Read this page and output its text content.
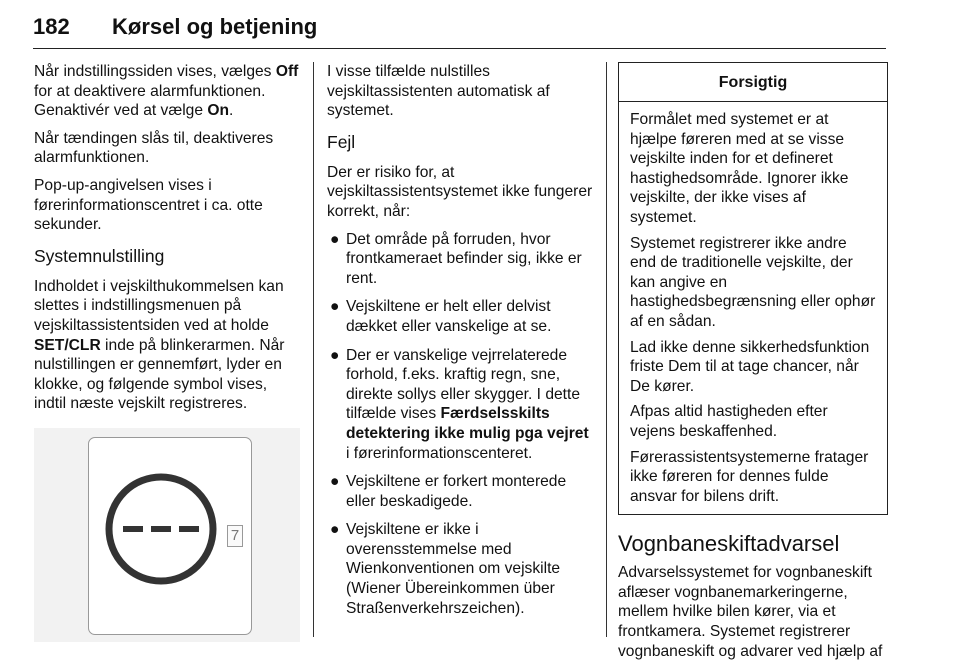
182 Kørsel og betjening

Når indstillingssiden vises, vælges Off for at deaktivere alarmfunktionen. Genaktivér ved at vælge On.

Når tændingen slås til, deaktiveres alarmfunktionen.

Pop-up-angivelsen vises i førerinformationscentret i ca. otte sekunder.

Systemnulstilling

Indholdet i vejskilthukommelsen kan slettes i indstillingsmenuen på vejskiltassistentsiden ved at holde SET/CLR inde på blinkerarmen. Når nulstillingen er gennemført, lyder en klokke, og følgende symbol vises, indtil næste vejskilt registreres.

7

I visse tilfælde nulstilles vejskiltassistenten automatisk af systemet.

Fejl

Der er risiko for, at vejskiltassistentsystemet ikke fungerer korrekt, når:

● Det område på forruden, hvor frontkameraet befinder sig, ikke er rent.
● Vejskiltene er helt eller delvist dækket eller vanskelige at se.
● Der er vanskelige vejrrelaterede forhold, f.eks. kraftig regn, sne, direkte sollys eller skygger. I dette tilfælde vises Færdselsskilts detektering ikke mulig pga vejret i førerinformationscenteret.
● Vejskiltene er forkert monterede eller beskadigede.
● Vejskiltene er ikke i overensstemmelse med Wienkonventionen om vejskilte (Wiener Übereinkommen über Straßenverkehrszeichen).
Forsigtig

Formålet med systemet er at hjælpe føreren med at se visse vejskilte inden for et defineret hastighedsområde. Ignorer ikke vejskilte, der ikke vises af systemet.

Systemet registrerer ikke andre end de traditionelle vejskilte, der kan angive en hastighedsbegrænsning eller ophør af en sådan.

Lad ikke denne sikkerhedsfunktion friste Dem til at tage chancer, når De kører.

Afpas altid hastigheden efter vejens beskaffenhed.

Førerassistentsystemerne fratager ikke føreren for dennes fulde ansvar for bilens drift.

Vognbaneskiftadvarsel

Advarselssystemet for vognbaneskift aflæser vognbanemarkeringerne, mellem hvilke bilen kører, via et frontkamera. Systemet registrerer vognbaneskift og advarer ved hjælp af
